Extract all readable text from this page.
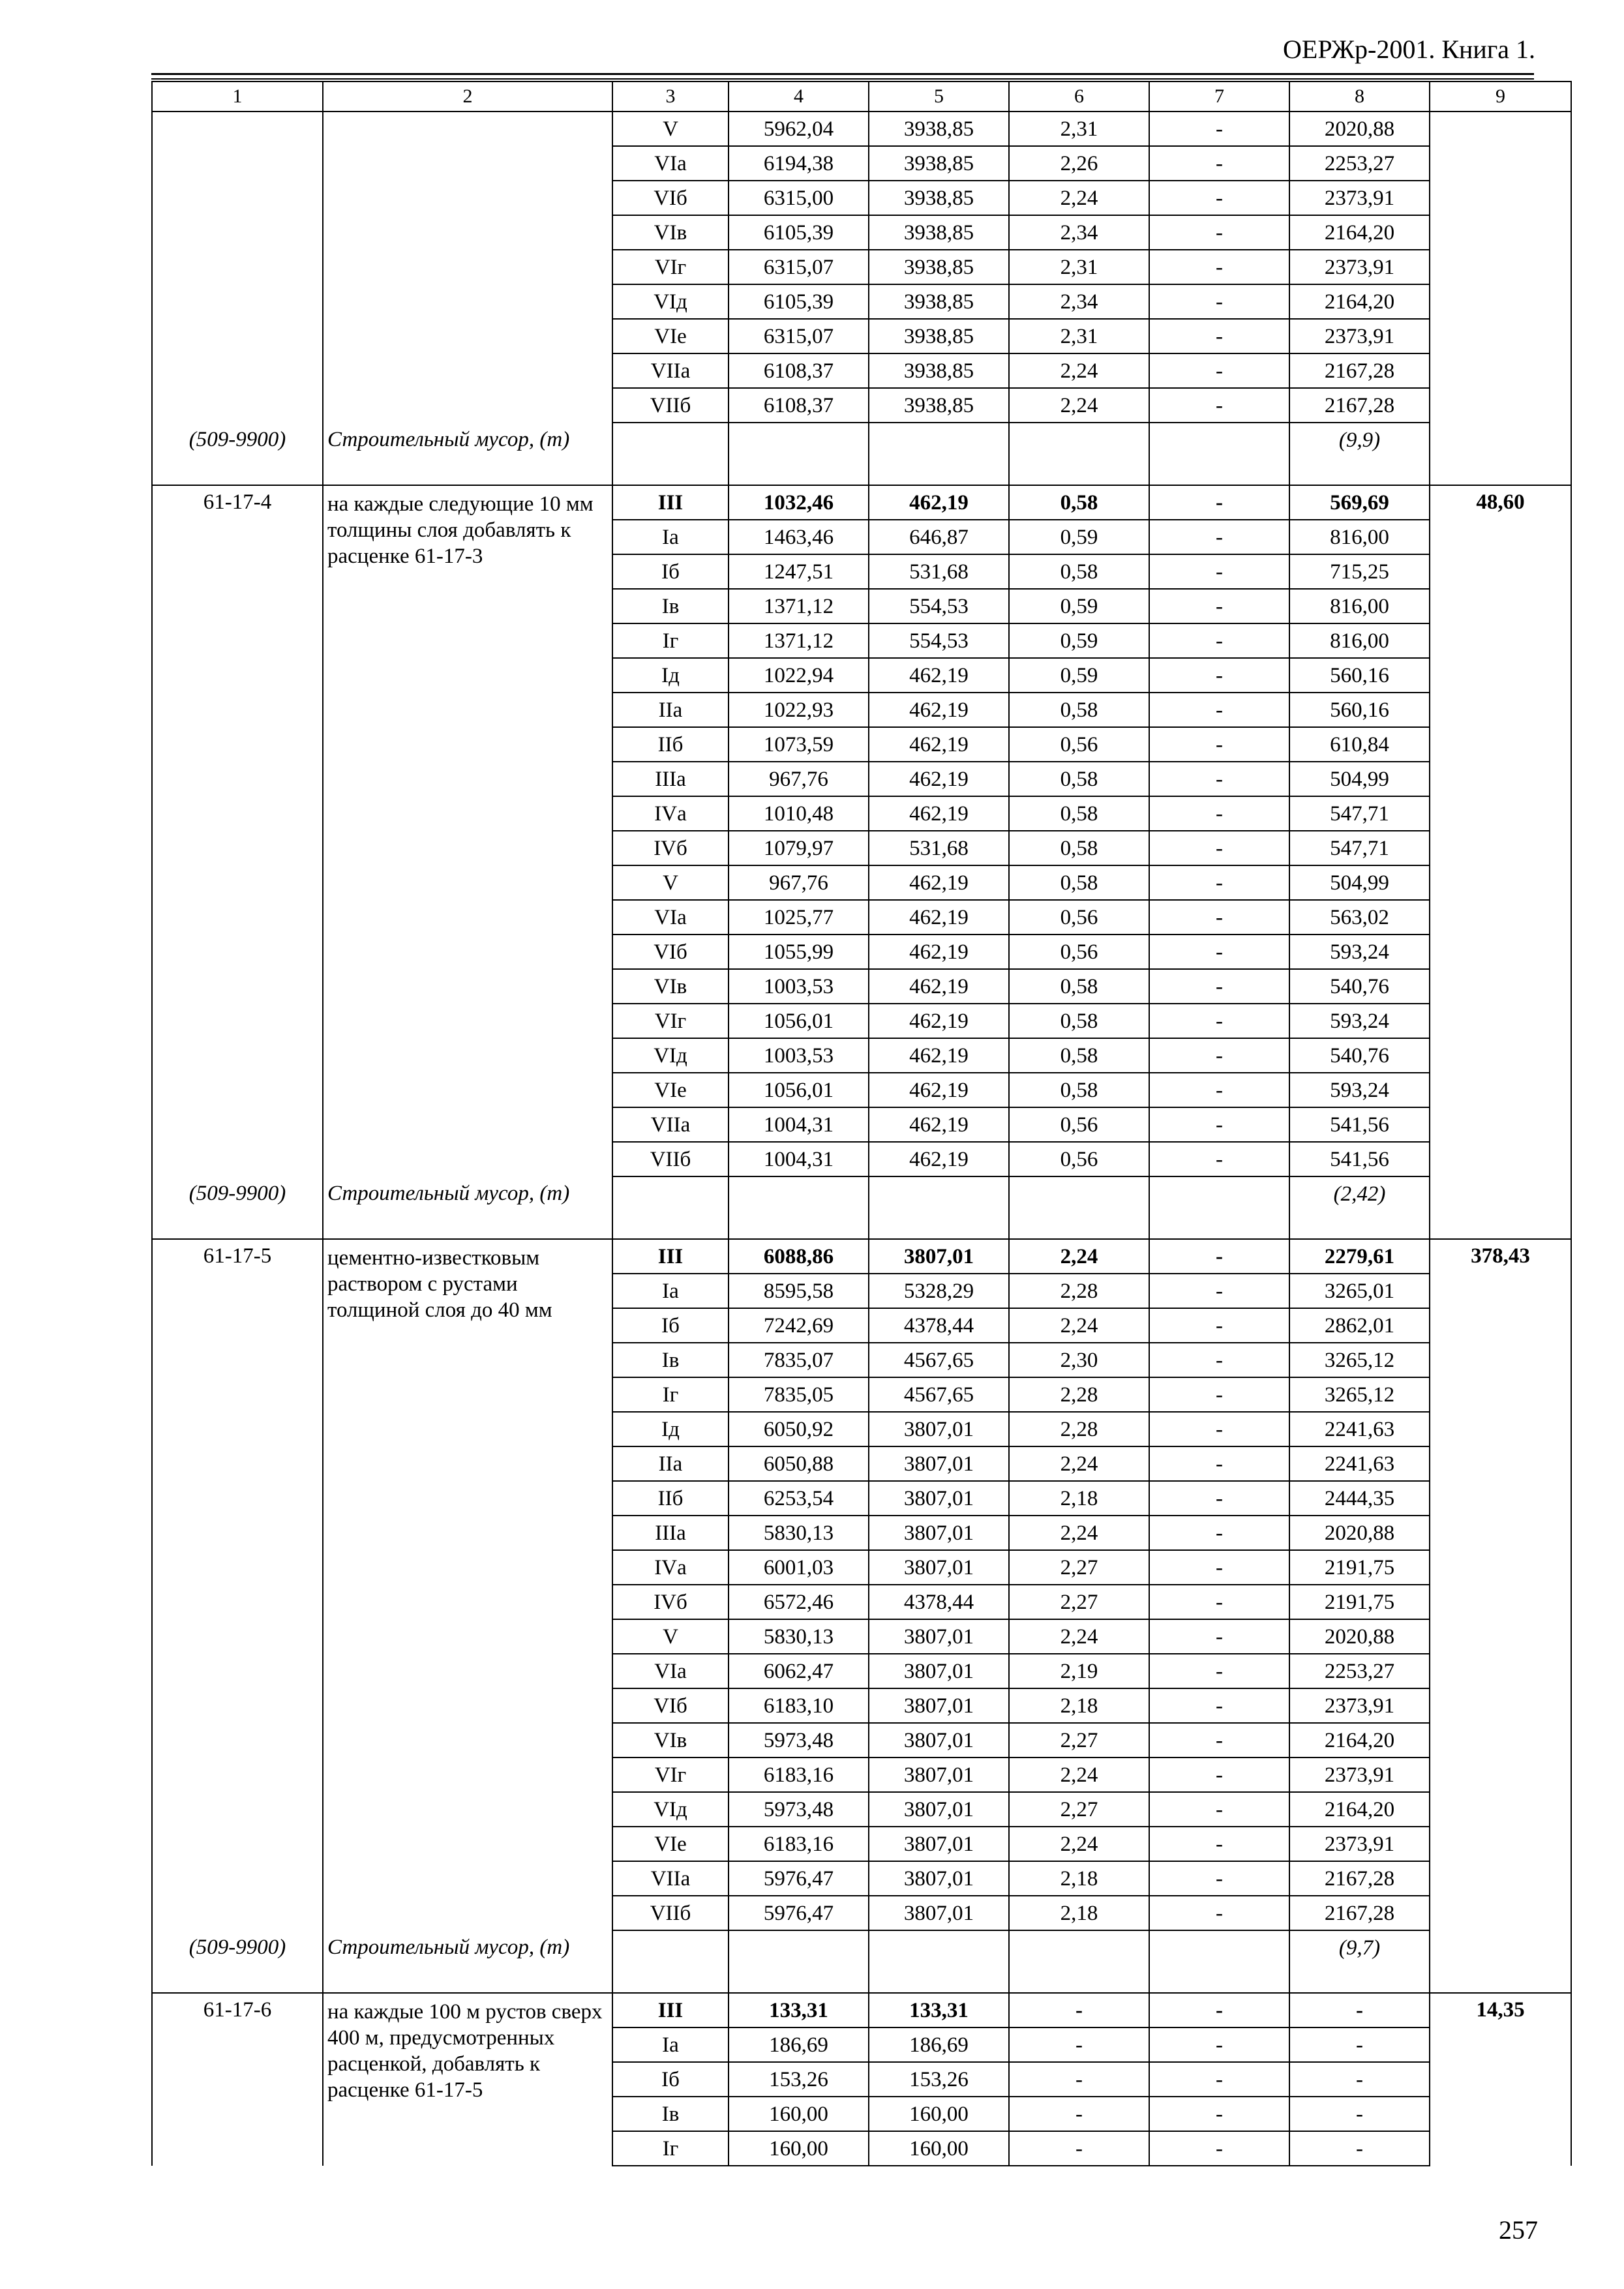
ОЕРЖр-2001. Книга 1.
1	2	3	4	5	6	7	8	9
		V	5962,04	3938,85	2,31	-	2020,88	
		VIа	6194,38	3938,85	2,26	-	2253,27	
		VIб	6315,00	3938,85	2,24	-	2373,91	
		VIв	6105,39	3938,85	2,34	-	2164,20	
		VIг	6315,07	3938,85	2,31	-	2373,91	
		VIд	6105,39	3938,85	2,34	-	2164,20	
		VIе	6315,07	3938,85	2,31	-	2373,91	
		VIIа	6108,37	3938,85	2,24	-	2167,28	
		VIIб	6108,37	3938,85	2,24	-	2167,28	
(509-9900)	Строительный мусор, (т)						(9,9)	
61-17-4	на каждые следующие 10 мм толщины слоя добавлять к расценке 61-17-3	III	1032,46	462,19	0,58	-	569,69	48,60
		Iа	1463,46	646,87	0,59	-	816,00	
		Iб	1247,51	531,68	0,58	-	715,25	
		Iв	1371,12	554,53	0,59	-	816,00	
		Iг	1371,12	554,53	0,59	-	816,00	
		Iд	1022,94	462,19	0,59	-	560,16	
		IIа	1022,93	462,19	0,58	-	560,16	
		IIб	1073,59	462,19	0,56	-	610,84	
		IIIа	967,76	462,19	0,58	-	504,99	
		IVа	1010,48	462,19	0,58	-	547,71	
		IVб	1079,97	531,68	0,58	-	547,71	
		V	967,76	462,19	0,58	-	504,99	
		VIа	1025,77	462,19	0,56	-	563,02	
		VIб	1055,99	462,19	0,56	-	593,24	
		VIв	1003,53	462,19	0,58	-	540,76	
		VIг	1056,01	462,19	0,58	-	593,24	
		VIд	1003,53	462,19	0,58	-	540,76	
		VIе	1056,01	462,19	0,58	-	593,24	
		VIIа	1004,31	462,19	0,56	-	541,56	
		VIIб	1004,31	462,19	0,56	-	541,56	
(509-9900)	Строительный мусор, (т)						(2,42)	
61-17-5	цементно-известковым раствором с рустами толщиной слоя до 40 мм	III	6088,86	3807,01	2,24	-	2279,61	378,43
		Iа	8595,58	5328,29	2,28	-	3265,01	
		Iб	7242,69	4378,44	2,24	-	2862,01	
		Iв	7835,07	4567,65	2,30	-	3265,12	
		Iг	7835,05	4567,65	2,28	-	3265,12	
		Iд	6050,92	3807,01	2,28	-	2241,63	
		IIа	6050,88	3807,01	2,24	-	2241,63	
		IIб	6253,54	3807,01	2,18	-	2444,35	
		IIIа	5830,13	3807,01	2,24	-	2020,88	
		IVа	6001,03	3807,01	2,27	-	2191,75	
		IVб	6572,46	4378,44	2,27	-	2191,75	
		V	5830,13	3807,01	2,24	-	2020,88	
		VIа	6062,47	3807,01	2,19	-	2253,27	
		VIб	6183,10	3807,01	2,18	-	2373,91	
		VIв	5973,48	3807,01	2,27	-	2164,20	
		VIг	6183,16	3807,01	2,24	-	2373,91	
		VIд	5973,48	3807,01	2,27	-	2164,20	
		VIе	6183,16	3807,01	2,24	-	2373,91	
		VIIа	5976,47	3807,01	2,18	-	2167,28	
		VIIб	5976,47	3807,01	2,18	-	2167,28	
(509-9900)	Строительный мусор, (т)						(9,7)	
61-17-6	на каждые 100 м рустов сверх 400 м, предусмотренных расценкой, добавлять к расценке 61-17-5	III	133,31	133,31	-	-	-	14,35
		Iа	186,69	186,69	-	-	-	
		Iб	153,26	153,26	-	-	-	
		Iв	160,00	160,00	-	-	-	
		Iг	160,00	160,00	-	-	-	
257
